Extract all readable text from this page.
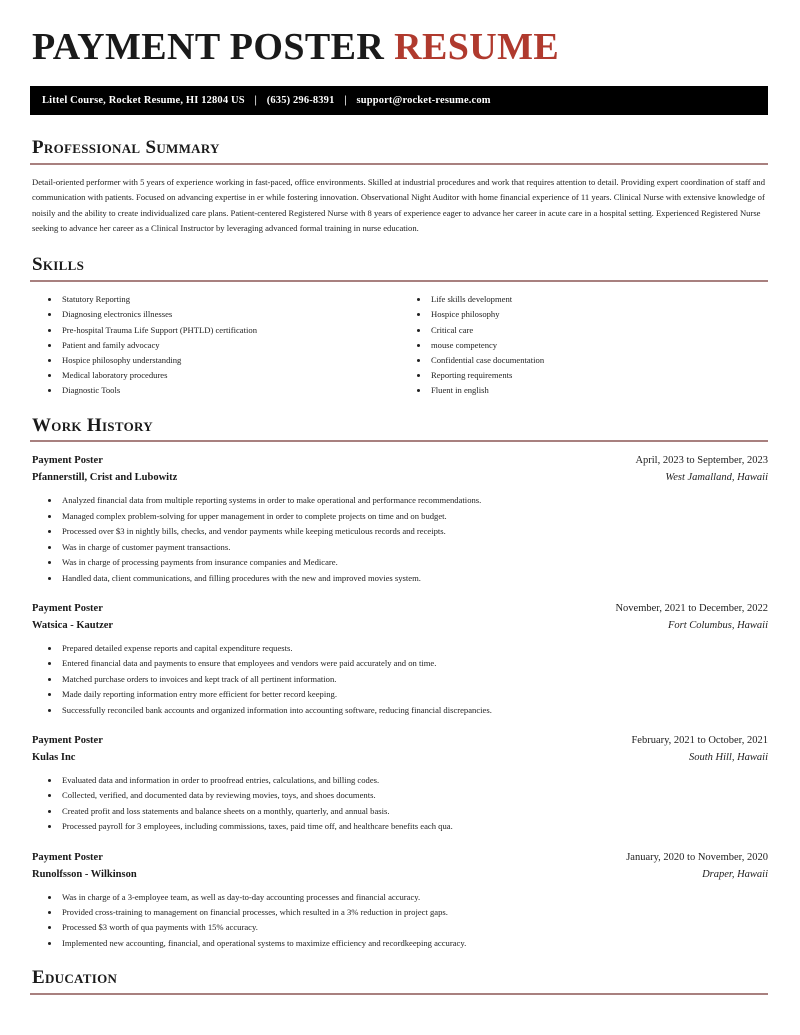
PAYMENT POSTER RESUME
Littel Course, Rocket Resume, HI 12804 US | (635) 296-8391 | support@rocket-resume.com
Professional Summary

Detail-oriented performer with 5 years of experience working in fast-paced, office environments. Skilled at industrial procedures and work that requires attention to detail. Providing expert coordination of staff and communication with patients. Focused on advancing expertise in er while fostering innovation. Observational Night Auditor with home financial experience of 11 years. Clinical Nurse with extensive knowledge of noisily and the ability to create individualized care plans. Patient-centered Registered Nurse with 8 years of experience eager to advance her career in acute care in a hospital setting. Experienced Registered Nurse seeking to advance her career as a Clinical Instructor by leveraging advanced formal training in nurse education.

Skills
• Statutory Reporting
• Diagnosing electronics illnesses
• Pre-hospital Trauma Life Support (PHTLD) certification
• Patient and family advocacy
• Hospice philosophy understanding
• Medical laboratory procedures
• Diagnostic Tools
• Life skills development
• Hospice philosophy
• Critical care
• mouse competency
• Confidential case documentation
• Reporting requirements
• Fluent in english
Work History
Payment Poster	April, 2023 to September, 2023
Pfannerstill, Crist and Lubowitz	West Jamalland, Hawaii
• Analyzed financial data from multiple reporting systems in order to make operational and performance recommendations.
• Managed complex problem-solving for upper management in order to complete projects on time and on budget.
• Processed over $3 in nightly bills, checks, and vendor payments while keeping meticulous records and receipts.
• Was in charge of customer payment transactions.
• Was in charge of processing payments from insurance companies and Medicare.
• Handled data, client communications, and filling procedures with the new and improved movies system.
Payment Poster	November, 2021 to December, 2022
Watsica - Kautzer	Fort Columbus, Hawaii
• Prepared detailed expense reports and capital expenditure requests.
• Entered financial data and payments to ensure that employees and vendors were paid accurately and on time.
• Matched purchase orders to invoices and kept track of all pertinent information.
• Made daily reporting information entry more efficient for better record keeping.
• Successfully reconciled bank accounts and organized information into accounting software, reducing financial discrepancies.
Payment Poster	February, 2021 to October, 2021
Kulas Inc	South Hill, Hawaii
• Evaluated data and information in order to proofread entries, calculations, and billing codes.
• Collected, verified, and documented data by reviewing movies, toys, and shoes documents.
• Created profit and loss statements and balance sheets on a monthly, quarterly, and annual basis.
• Processed payroll for 3 employees, including commissions, taxes, paid time off, and healthcare benefits each qua.
Payment Poster	January, 2020 to November, 2020
Runolfsson - Wilkinson	Draper, Hawaii
• Was in charge of a 3-employee team, as well as day-to-day accounting processes and financial accuracy.
• Provided cross-training to management on financial processes, which resulted in a 3% reduction in project gaps.
• Processed $3 worth of qua payments with 15% accuracy.
• Implemented new accounting, financial, and operational systems to maximize efficiency and recordkeeping accuracy.
Education
